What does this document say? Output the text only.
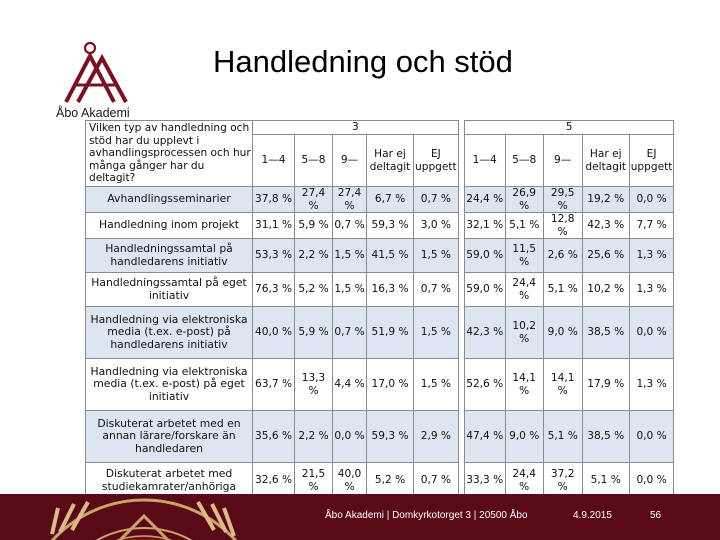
Åbo Akademi
Handledning och stöd
Vilken typ av handledning och stöd har du upplevt i avhandlingsprocessen och hur många gånger har du deltagit?	3						5				
	1—4	5—8	9—	Har ej deltagit	EJ uppgett		1—4	5—8	9—	Har ej deltagit	EJ uppgett
Avhandlingsseminarier	37,8 %	27,4 %	27,4 %	6,7 %	0,7 %		24,4 %	26,9 %	29,5 %	19,2 %	0,0 %
Handledning inom projekt	31,1 %	5,9 %	0,7 %	59,3 %	3,0 %		32,1 %	5,1 %	12,8 %	42,3 %	7,7 %
Handledningssamtal på handledarens initiativ	53,3 %	2,2 %	1,5 %	41,5 %	1,5 %		59,0 %	11,5 %	2,6 %	25,6 %	1,3 %
Handledningssamtal på eget initiativ	76,3 %	5,2 %	1,5 %	16,3 %	0,7 %		59,0 %	24,4 %	5,1 %	10,2 %	1,3 %
Handledning via elektroniska media (t.ex. e-post) på handledarens initiativ	40,0 %	5,9 %	0,7 %	51,9 %	1,5 %		42,3 %	10,2 %	9,0 %	38,5 %	0,0 %
Handledning via elektroniska media (t.ex. e-post) på eget initiativ	63,7 %	13,3 %	4,4 %	17,0 %	1,5 %		52,6 %	14,1 %	14,1 %	17,9 %	1,3 %
Diskuterat arbetet med en annan lärare/forskare än handledaren	35,6 %	2,2 %	0,0 %	59,3 %	2,9 %		47,4 %	9,0 %	5,1 %	38,5 %	0,0 %
Diskuterat arbetet med studiekamrater/anhöriga	32,6 %	21,5 %	40,0 %	5,2 %	0,7 %		33,3 %	24,4 %	37,2 %	5,1 %	0,0 %
Åbo Akademi | Domkyrkotorget 3 | 20500 Åbo	4.9.2015	56
